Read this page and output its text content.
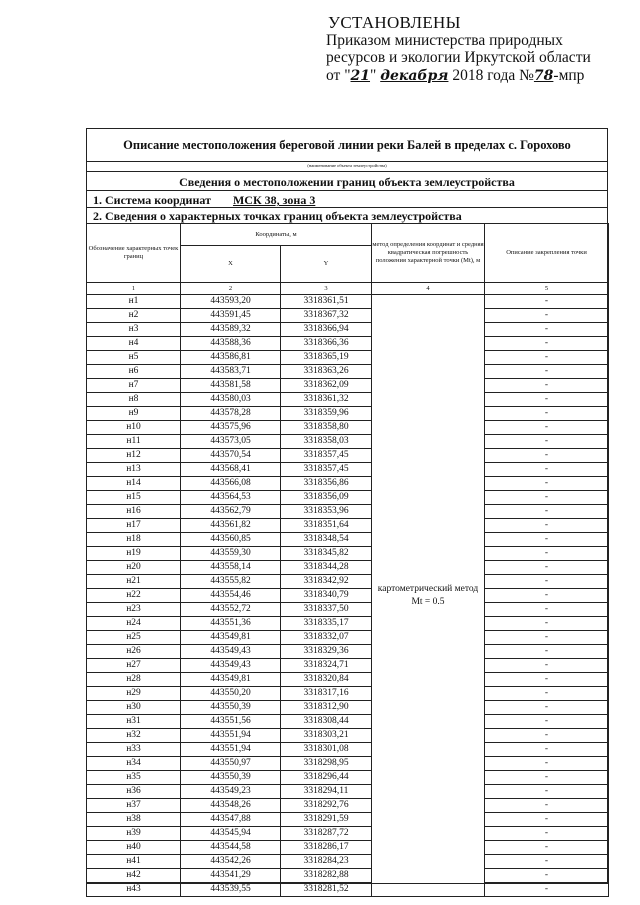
УСТАНОВЛЕНЫ
Приказом министерства природных
ресурсов и экологии Иркутской области
от "21" декабря 2018 года №78-мпр
Описание местоположения береговой линии реки Балей в пределах с. Горохово
(наименование объекта землеустройства)
Сведения о местоположении границ объекта землеустройства
1. Система координат МСК 38, зона 3
2. Сведения о характерных точках границ объекта землеустройства
Обозначение характерных точек границ	Координаты, м		метод определения координат и средняя квадратическая погрешность положения характерной точки (Mt), м	Описание закрепления точки
	X	Y		
1	2	3	4	5
н1	443593,20	3318361,51	картометрический метод Mt = 0.5	-
н2	443591,45	3318367,32		-
н3	443589,32	3318366,94		-
н4	443588,36	3318366,36		-
н5	443586,81	3318365,19		-
н6	443583,71	3318363,26		-
н7	443581,58	3318362,09		-
н8	443580,03	3318361,32		-
н9	443578,28	3318359,96		-
н10	443575,96	3318358,80		-
н11	443573,05	3318358,03		-
н12	443570,54	3318357,45		-
н13	443568,41	3318357,45		-
н14	443566,08	3318356,86		-
н15	443564,53	3318356,09		-
н16	443562,79	3318353,96		-
н17	443561,82	3318351,64		-
н18	443560,85	3318348,54		-
н19	443559,30	3318345,82		-
н20	443558,14	3318344,28		-
н21	443555,82	3318342,92		-
н22	443554,46	3318340,79		-
н23	443552,72	3318337,50		-
н24	443551,36	3318335,17		-
н25	443549,81	3318332,07		-
н26	443549,43	3318329,36		-
н27	443549,43	3318324,71		-
н28	443549,81	3318320,84		-
н29	443550,20	3318317,16		-
н30	443550,39	3318312,90		-
н31	443551,56	3318308,44		-
н32	443551,94	3318303,21		-
н33	443551,94	3318301,08		-
н34	443550,97	3318298,95		-
н35	443550,39	3318296,44		-
н36	443549,23	3318294,11		-
н37	443548,26	3318292,76		-
н38	443547,88	3318291,59		-
н39	443545,94	3318287,72		-
н40	443544,58	3318286,17		-
н41	443542,26	3318284,23		-
н42	443541,29	3318282,88		-
н43	443539,55	3318281,52		-
